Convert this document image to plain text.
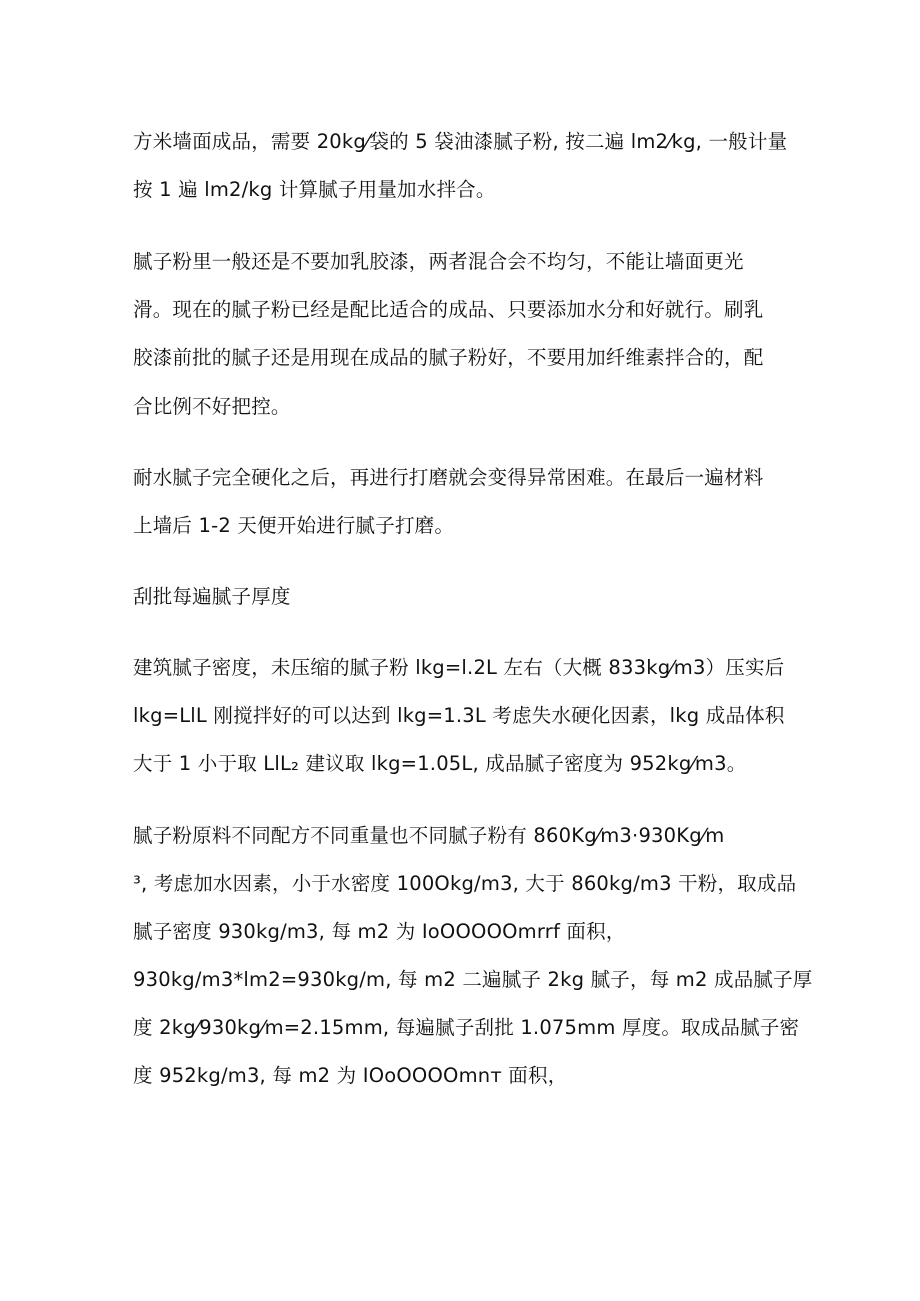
方米墙面成品，需要 20kg⁄袋的 5 袋油漆腻子粉, 按二遍 lm2⁄kg, 一般计量
按 1 遍 lm2/kg 计算腻子用量加水拌合。
腻子粉里一般还是不要加乳胶漆，两者混合会不均匀，不能让墙面更光
滑。现在的腻子粉已经是配比适合的成品、只要添加水分和好就行。刷乳
胶漆前批的腻子还是用现在成品的腻子粉好，不要用加纤维素拌合的，配
合比例不好把控。
耐水腻子完全硬化之后，再进行打磨就会变得异常困难。在最后一遍材料
上墙后 1-2 天便开始进行腻子打磨。
刮批每遍腻子厚度
建筑腻子密度，未压缩的腻子粉 lkg=l.2L 左右（大概 833kg⁄m3）压实后
lkg=LlL 刚搅拌好的可以达到 lkg=1.3L 考虑失水硬化因素，lkg 成品体积
大于 1 小于取 LlL₂ 建议取 lkg=1.05L, 成品腻子密度为 952kg⁄m3。
腻子粉原料不同配方不同重量也不同腻子粉有 860Kg⁄m3·930Kg⁄m
³, 考虑加水因素，小于水密度 100Okg/m3, 大于 860kg/m3 干粉，取成品
腻子密度 930kg/m3, 每 m2 为 IoOOOOOmrrf 面积，
930kg/m3*lm2=930kg/m, 每 m2 二遍腻子 2kg 腻子，每 m2 成品腻子厚
度 2kg⁄930kg⁄m=2.15mm, 每遍腻子刮批 1.075mm 厚度。取成品腻子密
度 952kg/m3, 每 m2 为 IOoOOOOmnт 面积，
